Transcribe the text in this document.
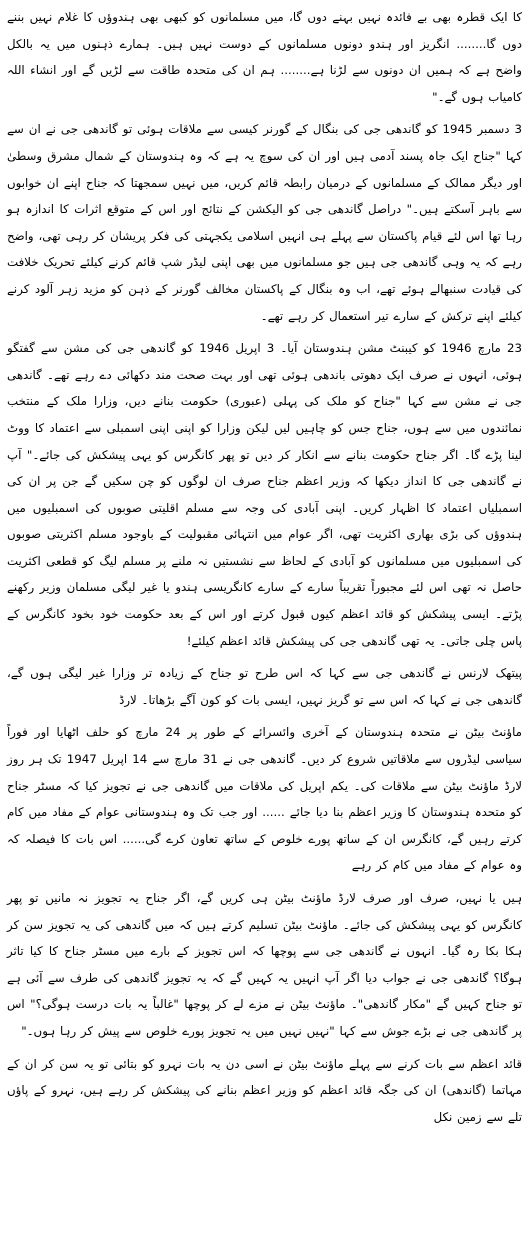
کا ایک قطرہ بھی بے فائدہ نہیں بہنے دوں گا، میں مسلمانوں کو کبھی بھی ہندوؤں کا غلام نہیں بننے دوں گا........ انگریز اور ہندو دونوں مسلمانوں کے دوست نہیں ہیں۔ ہمارے ذہنوں میں یہ بالکل واضح ہے کہ ہمیں ان دونوں سے لڑنا ہے........ ہم ان کی متحدہ طاقت سے لڑیں گے اور انشاء اللہ کامیاب ہوں گے۔"

3 دسمبر 1945 کو گاندھی جی کی بنگال کے گورنر کیسی سے ملاقات ہوئی تو گاندھی جی نے ان سے کہا "جناح ایک جاہ پسند آدمی ہیں اور ان کی سوچ یہ ہے کہ وہ ہندوستان کے شمال مشرق وسطیٰ اور دیگر ممالک کے مسلمانوں کے درمیان رابطہ قائم کریں، میں نہیں سمجھتا کہ جناح اپنے ان خوابوں سے باہر آسکتے ہیں۔" دراصل گاندھی جی کو الیکشن کے نتائج اور اس کے متوقع اثرات کا اندازہ ہو رہا تھا اس لئے قیام پاکستان سے پہلے ہی انہیں اسلامی یکجہتی کی فکر پریشان کر رہی تھی، واضح رہے کہ یہ وہی گاندھی جی ہیں جو مسلمانوں میں بھی اپنی لیڈر شپ قائم کرنے کیلئے تحریک خلافت کی قیادت سنبھالے ہوئے تھے، اب وہ بنگال کے پاکستان مخالف گورنر کے ذہن کو مزید زہر آلود کرنے کیلئے اپنے ترکش کے سارے تیر استعمال کر رہے تھے۔

23 مارچ 1946 کو کیبنٹ مشن ہندوستان آیا۔ 3 اپریل 1946 کو گاندھی جی کی مشن سے گفتگو ہوئی، انہوں نے صرف ایک دھوتی باندھی ہوئی تھی اور بہت صحت مند دکھائی دے رہے تھے۔ گاندھی جی نے مشن سے کہا "جناح کو ملک کی پہلی (عبوری) حکومت بنانے دیں، وزارا ملک کے منتخب نمائندوں میں سے ہوں، جناح جس کو چاہیں لیں لیکن وزارا کو اپنی اپنی اسمبلی سے اعتماد کا ووٹ لینا پڑے گا۔ اگر جناح حکومت بنانے سے انکار کر دیں تو پھر کانگرس کو یہی پیشکش کی جائے۔" آپ نے گاندھی جی کا انداز دیکھا کہ وزیر اعظم جناح صرف ان لوگوں کو چن سکیں گے جن پر ان کی اسمبلیاں اعتماد کا اظہار کریں۔ اپنی آبادی کی وجہ سے مسلم اقلیتی صوبوں کی اسمبلیوں میں ہندوؤں کی بڑی بھاری اکثریت تھی، اگر عوام میں انتہائی مقبولیت کے باوجود مسلم اکثریتی صوبوں کی اسمبلیوں میں مسلمانوں کو آبادی کے لحاظ سے نشستیں نہ ملنے پر مسلم لیگ کو قطعی اکثریت حاصل نہ تھی اس لئے مجبوراً تقریباً سارے کے سارے کانگریسی ہندو یا غیر لیگی مسلمان وزیر رکھنے پڑتے۔ ایسی پیشکش کو قائد اعظم کیوں قبول کرتے اور اس کے بعد حکومت خود بخود کانگرس کے پاس چلی جاتی۔ یہ تھی گاندھی جی کی پیشکش قائد اعظم کیلئے!

پیتھک لارنس نے گاندھی جی سے کہا کہ اس طرح تو جناح کے زیادہ تر وزارا غیر لیگی ہوں گے، گاندھی جی نے کہا کہ اس سے تو گریز نہیں، ایسی بات کو کون آگے بڑھاتا۔ لارڈ

ماؤنٹ بیٹن نے متحدہ ہندوستان کے آخری وائسرائے کے طور پر 24 مارچ کو حلف اٹھایا اور فوراً سیاسی لیڈروں سے ملاقاتیں شروع کر دیں۔ گاندھی جی نے 31 مارچ سے 14 اپریل 1947 تک ہر روز لارڈ ماؤنٹ بیٹن سے ملاقات کی۔ یکم اپریل کی ملاقات میں گاندھی جی نے تجویز کیا کہ مسٹر جناح کو متحدہ ہندوستان کا وزیر اعظم بنا دیا جائے ...... اور جب تک وہ ہندوستانی عوام کے مفاد میں کام کرتے رہیں گے، کانگرس ان کے ساتھ پورے خلوص کے ساتھ تعاون کرے گی...... اس بات کا فیصلہ کہ وہ عوام کے مفاد میں کام کر رہے

ہیں یا نہیں، صرف اور صرف لارڈ ماؤنٹ بیٹن ہی کریں گے، اگر جناح یہ تجویز نہ مانیں تو پھر کانگرس کو یہی پیشکش کی جائے۔ ماؤنٹ بیٹن تسلیم کرتے ہیں کہ میں گاندھی کی یہ تجویز سن کر ہکا بکا رہ گیا۔ انہوں نے گاندھی جی سے پوچھا کہ اس تجویز کے بارے میں مسٹر جناح کا کیا تاثر ہوگا؟ گاندھی جی نے جواب دیا اگر آپ انہیں یہ کہیں گے کہ یہ تجویز گاندھی کی طرف سے آئی ہے تو جناح کہیں گے "مکار گاندھی"۔ ماؤنٹ بیٹن نے مزے لے کر پوچھا "غالباً یہ بات درست ہوگی؟" اس پر گاندھی جی نے بڑے جوش سے کہا "نہیں نہیں میں یہ تجویز پورے خلوص سے پیش کر رہا ہوں۔"

قائد اعظم سے بات کرنے سے پہلے ماؤنٹ بیٹن نے اسی دن یہ بات نہرو کو بتائی تو یہ سن کر ان کے مہاتما (گاندھی) ان کی جگہ قائد اعظم کو وزیر اعظم بنانے کی پیشکش کر رہے ہیں، نہرو کے پاؤں تلے سے زمین نکل
